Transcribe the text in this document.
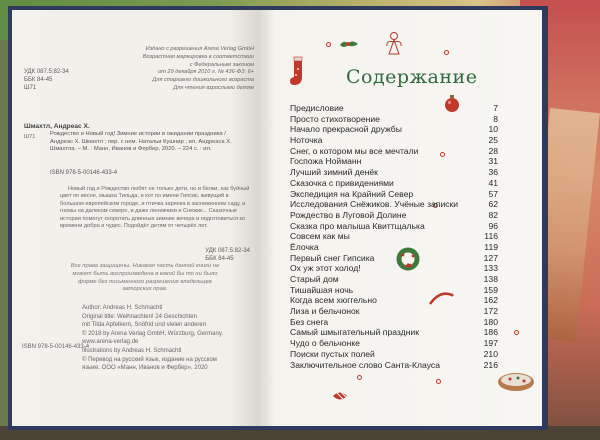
Издано с разрешения Arena Verlag GmbH
Возрастная маркировка в соответствии
с Федеральным законом
от 29 декабря 2010 г. № 436-ФЗ: 6+
Для старшего дошкольного возраста
Для чтения взрослыми детям
УДК 087.5:82-34
ББК 84-45
Ш71
Шмахтл, Андреас Х.
Ш71	Рождество и Новый год! Зимние истории в ожидании праздника / Андреас Х. Шмахтл ; пер. с нем. Натальи Кушнир ; ил. Андреаса Х. Шмахтла. – М. : Манн, Иванов и Фербер, 2020. – 224 с. : ил.
ISBN 978-5-00146-433-4
Новый год и Рождество любят не только дети, но и белки, как буйный цвет по весне, мышка Тильда, и кот по имени Гипсик, живущий в большом европейском городе, и птичка зарянка в заснеженном саду, и гномы на далеком севере, и даже ленивчики и Снежик... Сказочные истории помогут скоротать длинные зимние вечера и подготовиться ко времени добра и чудес. Подойдёт детям от четырёх лет.
УДК 087.5:82-34
ББК 84-45
Все права защищены. Никакая часть данной книги не может быть воспроизведена в какой бы то ни было форме без письменного разрешения владельцев авторских прав.
Author: Andreas H. Schmachtl
Original title: Weihnachten! 24 Geschichten
mit Tilda Apfelkern, Snöfrid und vielen anderen
© 2018 by Arena Verlag GmbH, Würzburg, Germany.
www.arena-verlag.de
Illustrations by Andreas H. Schmachtl
© Перевод на русский язык, издание на русском
языке. ООО «Манн, Иванов и Фербер», 2020
ISBN 978-5-00146-433-4
Содержание
Предисловие	7
Просто стихотворение	8
Начало прекрасной дружбы	10
Ноточка	25
Снег, о котором мы все мечтали	28
Госпожа Нойманн	31
Лучший зимний денёк	36
Сказочка с привидениями	41
Экспедиция на Крайний Север	57
Исследования Снёжиков. Учёные записки	62
Рождество в Луговой Долине	82
Сказка про малыша Квиттщалька	96
Совсем как мы	116
Ёлочка	119
Первый снег Гипсика	127
Ох уж этот холод!	133
Старый дом	138
Тишайшая ночь	159
Когда всем хюггельно	162
Лиза и бельчонок	172
Без снега	180
Самый шмыгательный праздник	186
Чудо о бельчонке	197
Поиски пустых полей	210
Заключительное слово Санта-Клауса	216
